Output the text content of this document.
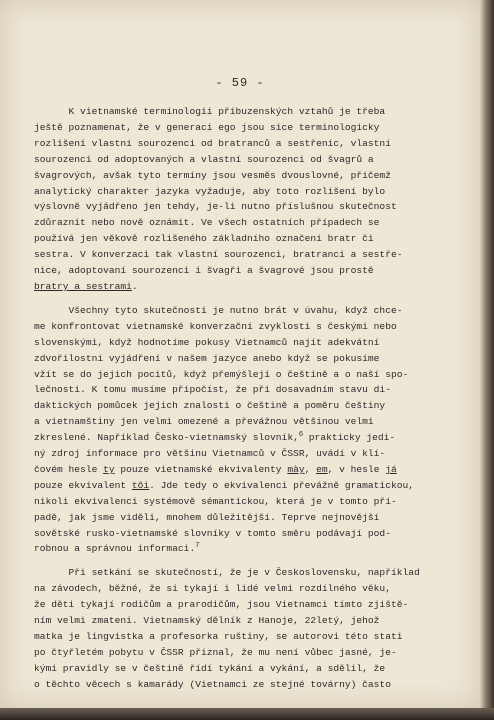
- 59 -
K vietnamské terminologii příbuzenských vztahů je třeba
ještě poznamenat, že v generaci ego jsou sice terminologicky
rozlišeni vlastní sourozenci od bratranců a sestřenic, vlastní
sourozenci od adoptovaných a vlastní sourozenci od švagrů a
švagrových, avšak tyto termíny jsou vesměs dvouslovné, přičemž
analytický charakter jazyka vyžaduje, aby toto rozlišení bylo
výslovně vyjádřeno jen tehdy, je-li nutno příslušnou skutečnost
zdůraznit nebo nově oznámit. Ve všech ostatních případech se
používá jen věkově rozlišeného základního označení bratr či
sestra. V konverzaci tak vlastní sourozenci, bratranci a sestře-
nice, adoptovaní sourozenci i švagři a švagrové jsou prostě
bratry a sestrami.
Všechny tyto skutečnosti je nutno brát v úvahu, když chce-
me konfrontovat vietnamské konverzační zvyklosti s českými nebo
slovenskými, když hodnotíme pokusy Vietnamců najít adekvátní
zdvořilostní vyjádření v našem jazyce anebo když se pokusíme
vžít se do jejich pocitů, když přemýšlejí o češtině a o naší spo-
lečnosti. K tomu musíme připočíst, že při dosavadním stavu di-
daktických pomůcek jejich znalosti o češtině a poměru češtiny
a vietnamštiny jen velmi omezené a převážnou většinou velmi
zkreslené. Například Česko-vietnamský slovník,$^6$ prakticky jedi-
ný zdroj informace pro většinu Vietnamců v ČSSR, uvádí v klí-
čovém hesle ty pouze vietnamské ekvivalenty mày, em, v hesle já
pouze ekvivalent tôi. Jde tedy o ekvivalenci převážně gramatickou,
nikoli ekvivalenci systémově sémantickou, která je v tomto pří-
padě, jak jsme viděli, mnohem důležitější. Teprve nejnovější
sovětské rusko-vietnamské slovníky v tomto směru podávají pod-
robnou a správnou informaci.$^7$
Při setkání se skutečností, že je v Československu, například
na závodech, běžné, že si tykají i lidé velmi rozdílného věku,
že děti tykají rodičům a prarodičům, jsou Vietnamci tímto zjiště-
ním velmi zmateni. Vietnamský dělník z Hanoje, 22letý, jehož
matka je lingvistka a profesorka ruštiny, se autorovi této stati
po čtyřletém pobytu v ČSSR přiznal, že mu není vůbec jasné, je-
kými pravidly se v češtině řídí tykání a vykání, a sdělil, že
o těchto věcech s kamarády (Vietnamci ze stejné továrny) často
